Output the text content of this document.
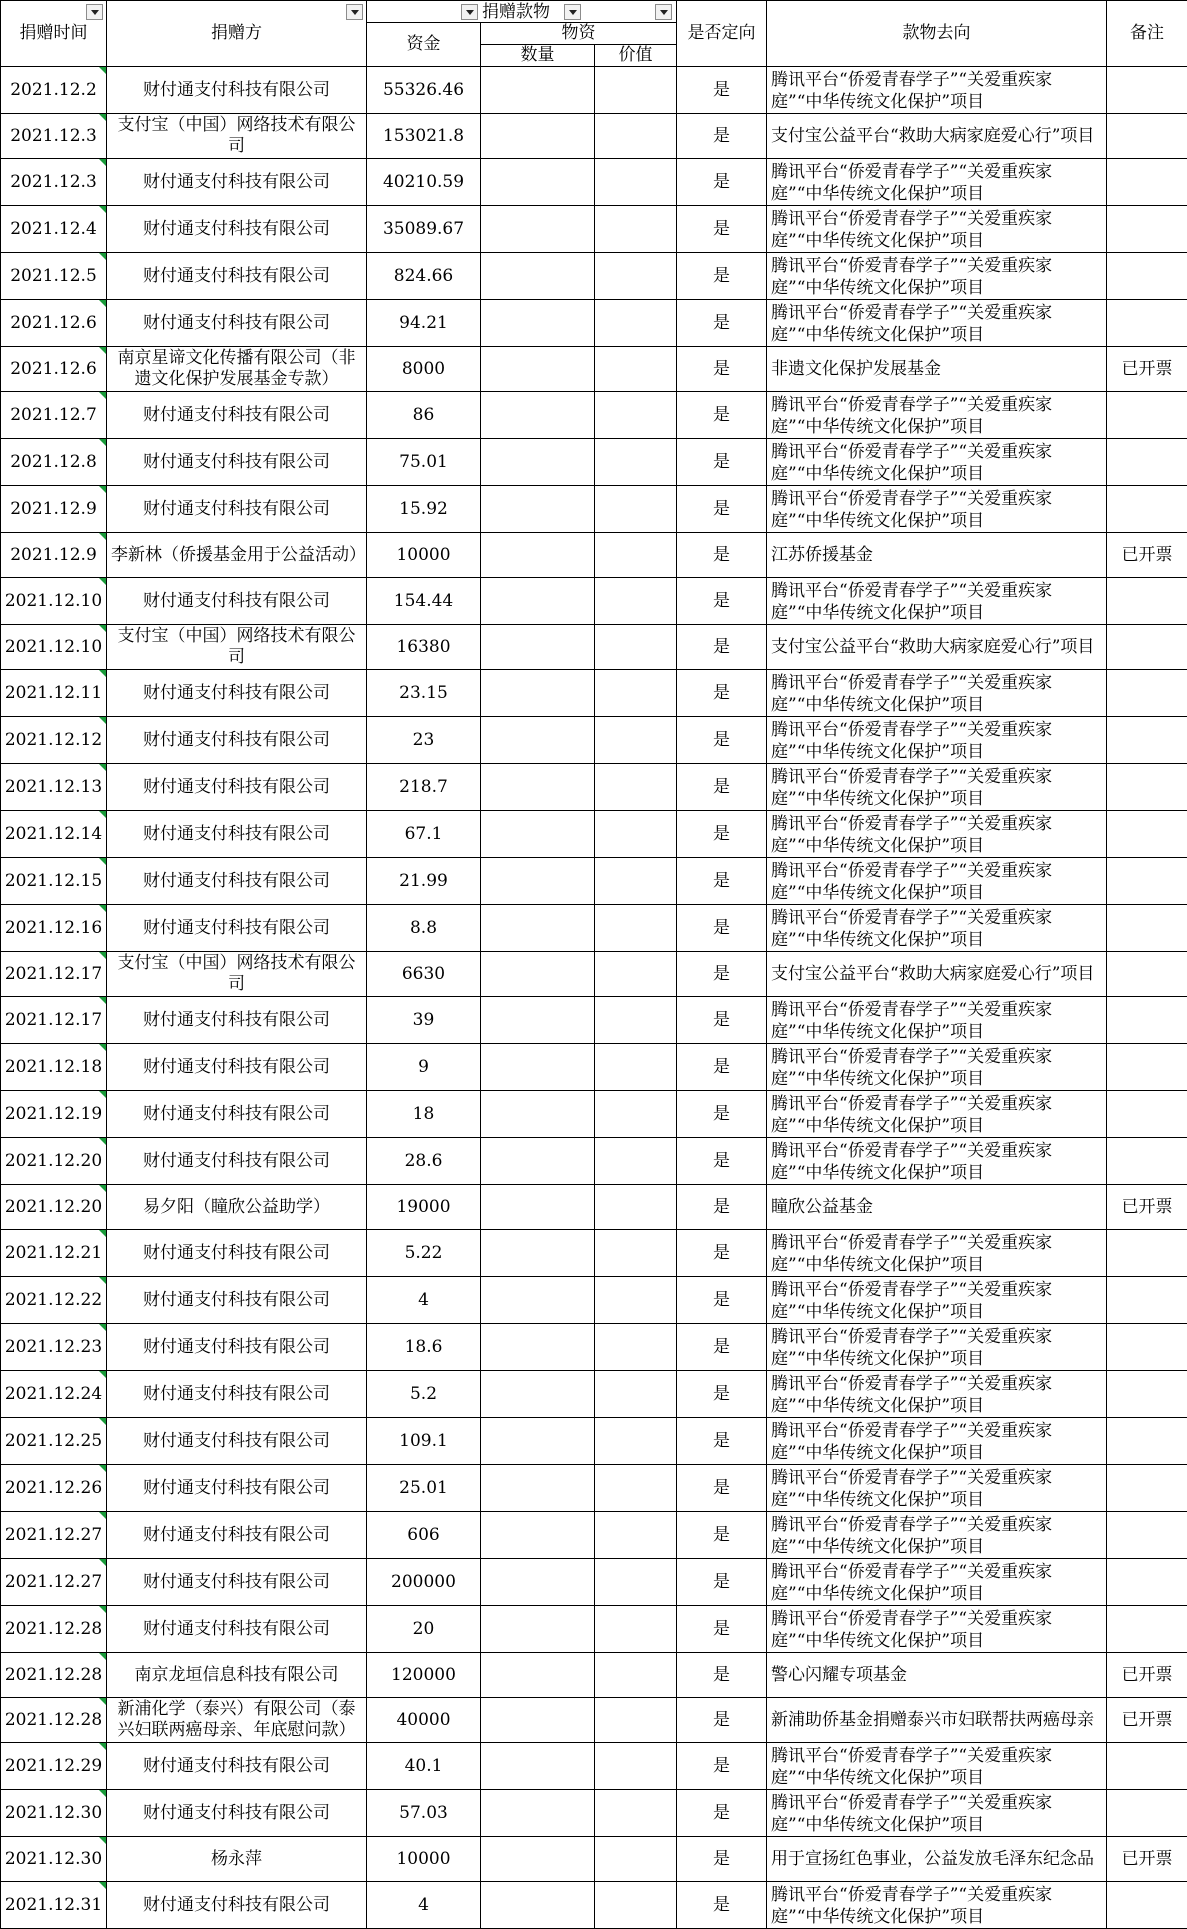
捐赠时间	捐赠方	捐赠款物			是否定向	款物去向	备注
		资金	物资				
			数量	价值			
2021.12.2	财付通支付科技有限公司	55326.46			是	腾讯平台“侨爱青春学子”“关爱重疾家庭”“中华传统文化保护”项目	
2021.12.3	支付宝（中国）网络技术有限公司	153021.8			是	支付宝公益平台“救助大病家庭爱心行”项目	
2021.12.3	财付通支付科技有限公司	40210.59			是	腾讯平台“侨爱青春学子”“关爱重疾家庭”“中华传统文化保护”项目	
2021.12.4	财付通支付科技有限公司	35089.67			是	腾讯平台“侨爱青春学子”“关爱重疾家庭”“中华传统文化保护”项目	
2021.12.5	财付通支付科技有限公司	824.66			是	腾讯平台“侨爱青春学子”“关爱重疾家庭”“中华传统文化保护”项目	
2021.12.6	财付通支付科技有限公司	94.21			是	腾讯平台“侨爱青春学子”“关爱重疾家庭”“中华传统文化保护”项目	
2021.12.6	南京星谛文化传播有限公司（非遗文化保护发展基金专款）	8000			是	非遗文化保护发展基金	已开票
2021.12.7	财付通支付科技有限公司	86			是	腾讯平台“侨爱青春学子”“关爱重疾家庭”“中华传统文化保护”项目	
2021.12.8	财付通支付科技有限公司	75.01			是	腾讯平台“侨爱青春学子”“关爱重疾家庭”“中华传统文化保护”项目	
2021.12.9	财付通支付科技有限公司	15.92			是	腾讯平台“侨爱青春学子”“关爱重疾家庭”“中华传统文化保护”项目	
2021.12.9	李新林（侨援基金用于公益活动）	10000			是	江苏侨援基金	已开票
2021.12.10	财付通支付科技有限公司	154.44			是	腾讯平台“侨爱青春学子”“关爱重疾家庭”“中华传统文化保护”项目	
2021.12.10	支付宝（中国）网络技术有限公司	16380			是	支付宝公益平台“救助大病家庭爱心行”项目	
2021.12.11	财付通支付科技有限公司	23.15			是	腾讯平台“侨爱青春学子”“关爱重疾家庭”“中华传统文化保护”项目	
2021.12.12	财付通支付科技有限公司	23			是	腾讯平台“侨爱青春学子”“关爱重疾家庭”“中华传统文化保护”项目	
2021.12.13	财付通支付科技有限公司	218.7			是	腾讯平台“侨爱青春学子”“关爱重疾家庭”“中华传统文化保护”项目	
2021.12.14	财付通支付科技有限公司	67.1			是	腾讯平台“侨爱青春学子”“关爱重疾家庭”“中华传统文化保护”项目	
2021.12.15	财付通支付科技有限公司	21.99			是	腾讯平台“侨爱青春学子”“关爱重疾家庭”“中华传统文化保护”项目	
2021.12.16	财付通支付科技有限公司	8.8			是	腾讯平台“侨爱青春学子”“关爱重疾家庭”“中华传统文化保护”项目	
2021.12.17	支付宝（中国）网络技术有限公司	6630			是	支付宝公益平台“救助大病家庭爱心行”项目	
2021.12.17	财付通支付科技有限公司	39			是	腾讯平台“侨爱青春学子”“关爱重疾家庭”“中华传统文化保护”项目	
2021.12.18	财付通支付科技有限公司	9			是	腾讯平台“侨爱青春学子”“关爱重疾家庭”“中华传统文化保护”项目	
2021.12.19	财付通支付科技有限公司	18			是	腾讯平台“侨爱青春学子”“关爱重疾家庭”“中华传统文化保护”项目	
2021.12.20	财付通支付科技有限公司	28.6			是	腾讯平台“侨爱青春学子”“关爱重疾家庭”“中华传统文化保护”项目	
2021.12.20	易夕阳（瞳欣公益助学）	19000			是	瞳欣公益基金	已开票
2021.12.21	财付通支付科技有限公司	5.22			是	腾讯平台“侨爱青春学子”“关爱重疾家庭”“中华传统文化保护”项目	
2021.12.22	财付通支付科技有限公司	4			是	腾讯平台“侨爱青春学子”“关爱重疾家庭”“中华传统文化保护”项目	
2021.12.23	财付通支付科技有限公司	18.6			是	腾讯平台“侨爱青春学子”“关爱重疾家庭”“中华传统文化保护”项目	
2021.12.24	财付通支付科技有限公司	5.2			是	腾讯平台“侨爱青春学子”“关爱重疾家庭”“中华传统文化保护”项目	
2021.12.25	财付通支付科技有限公司	109.1			是	腾讯平台“侨爱青春学子”“关爱重疾家庭”“中华传统文化保护”项目	
2021.12.26	财付通支付科技有限公司	25.01			是	腾讯平台“侨爱青春学子”“关爱重疾家庭”“中华传统文化保护”项目	
2021.12.27	财付通支付科技有限公司	606			是	腾讯平台“侨爱青春学子”“关爱重疾家庭”“中华传统文化保护”项目	
2021.12.27	财付通支付科技有限公司	200000			是	腾讯平台“侨爱青春学子”“关爱重疾家庭”“中华传统文化保护”项目	
2021.12.28	财付通支付科技有限公司	20			是	腾讯平台“侨爱青春学子”“关爱重疾家庭”“中华传统文化保护”项目	
2021.12.28	南京龙垣信息科技有限公司	120000			是	警心闪耀专项基金	已开票
2021.12.28	新浦化学（泰兴）有限公司（泰兴妇联两癌母亲、年底慰问款）	40000			是	新浦助侨基金捐赠泰兴市妇联帮扶两癌母亲	已开票
2021.12.29	财付通支付科技有限公司	40.1			是	腾讯平台“侨爱青春学子”“关爱重疾家庭”“中华传统文化保护”项目	
2021.12.30	财付通支付科技有限公司	57.03			是	腾讯平台“侨爱青春学子”“关爱重疾家庭”“中华传统文化保护”项目	
2021.12.30	杨永萍	10000			是	用于宣扬红色事业，公益发放毛泽东纪念品	已开票
2021.12.31	财付通支付科技有限公司	4			是	腾讯平台“侨爱青春学子”“关爱重疾家庭”“中华传统文化保护”项目	
